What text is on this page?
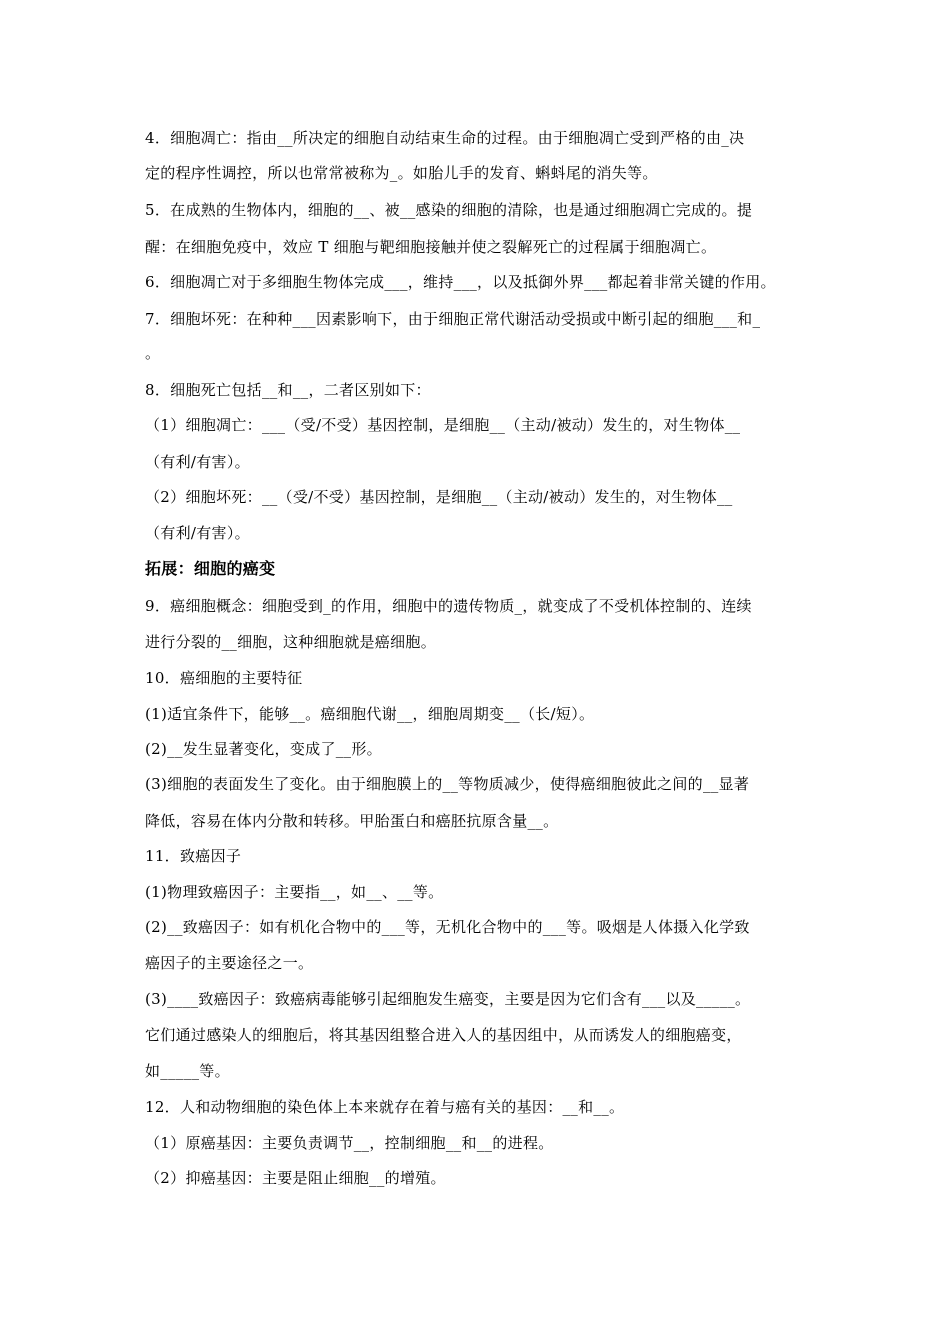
4．细胞凋亡：指由__所决定的细胞自动结束生命的过程。由于细胞凋亡受到严格的由_决
定的程序性调控，所以也常常被称为_。如胎儿手的发育、蝌蚪尾的消失等。
5．在成熟的生物体内，细胞的__、被__感染的细胞的清除，也是通过细胞凋亡完成的。提
醒：在细胞免疫中，效应 T 细胞与靶细胞接触并使之裂解死亡的过程属于细胞凋亡。
6．细胞凋亡对于多细胞生物体完成___，维持___，以及抵御外界___都起着非常关键的作用。
7．细胞坏死：在种种___因素影响下，由于细胞正常代谢活动受损或中断引起的细胞___和_
。
8．细胞死亡包括__和__，二者区别如下：
（1）细胞凋亡：___（受/不受）基因控制，是细胞__（主动/被动）发生的，对生物体__
（有利/有害）。
（2）细胞坏死：__（受/不受）基因控制，是细胞__（主动/被动）发生的，对生物体__
（有利/有害）。
拓展：细胞的癌变
9．癌细胞概念：细胞受到_的作用，细胞中的遗传物质_，就变成了不受机体控制的、连续
进行分裂的__细胞，这种细胞就是癌细胞。
10．癌细胞的主要特征
(1)适宜条件下，能够__。癌细胞代谢__，细胞周期变__（长/短）。
(2)__发生显著变化，变成了__形。
(3)细胞的表面发生了变化。由于细胞膜上的__等物质减少，使得癌细胞彼此之间的__显著
降低，容易在体内分散和转移。甲胎蛋白和癌胚抗原含量__。
11．致癌因子
(1)物理致癌因子：主要指__，如__、__等。
(2)__致癌因子：如有机化合物中的___等，无机化合物中的___等。吸烟是人体摄入化学致
癌因子的主要途径之一。
(3)____致癌因子：致癌病毒能够引起细胞发生癌变，主要是因为它们含有___以及_____。
它们通过感染人的细胞后，将其基因组整合进入人的基因组中，从而诱发人的细胞癌变，
如_____等。
12．人和动物细胞的染色体上本来就存在着与癌有关的基因：__和__。
（1）原癌基因：主要负责调节__，控制细胞__和__的进程。
（2）抑癌基因：主要是阻止细胞__的增殖。
